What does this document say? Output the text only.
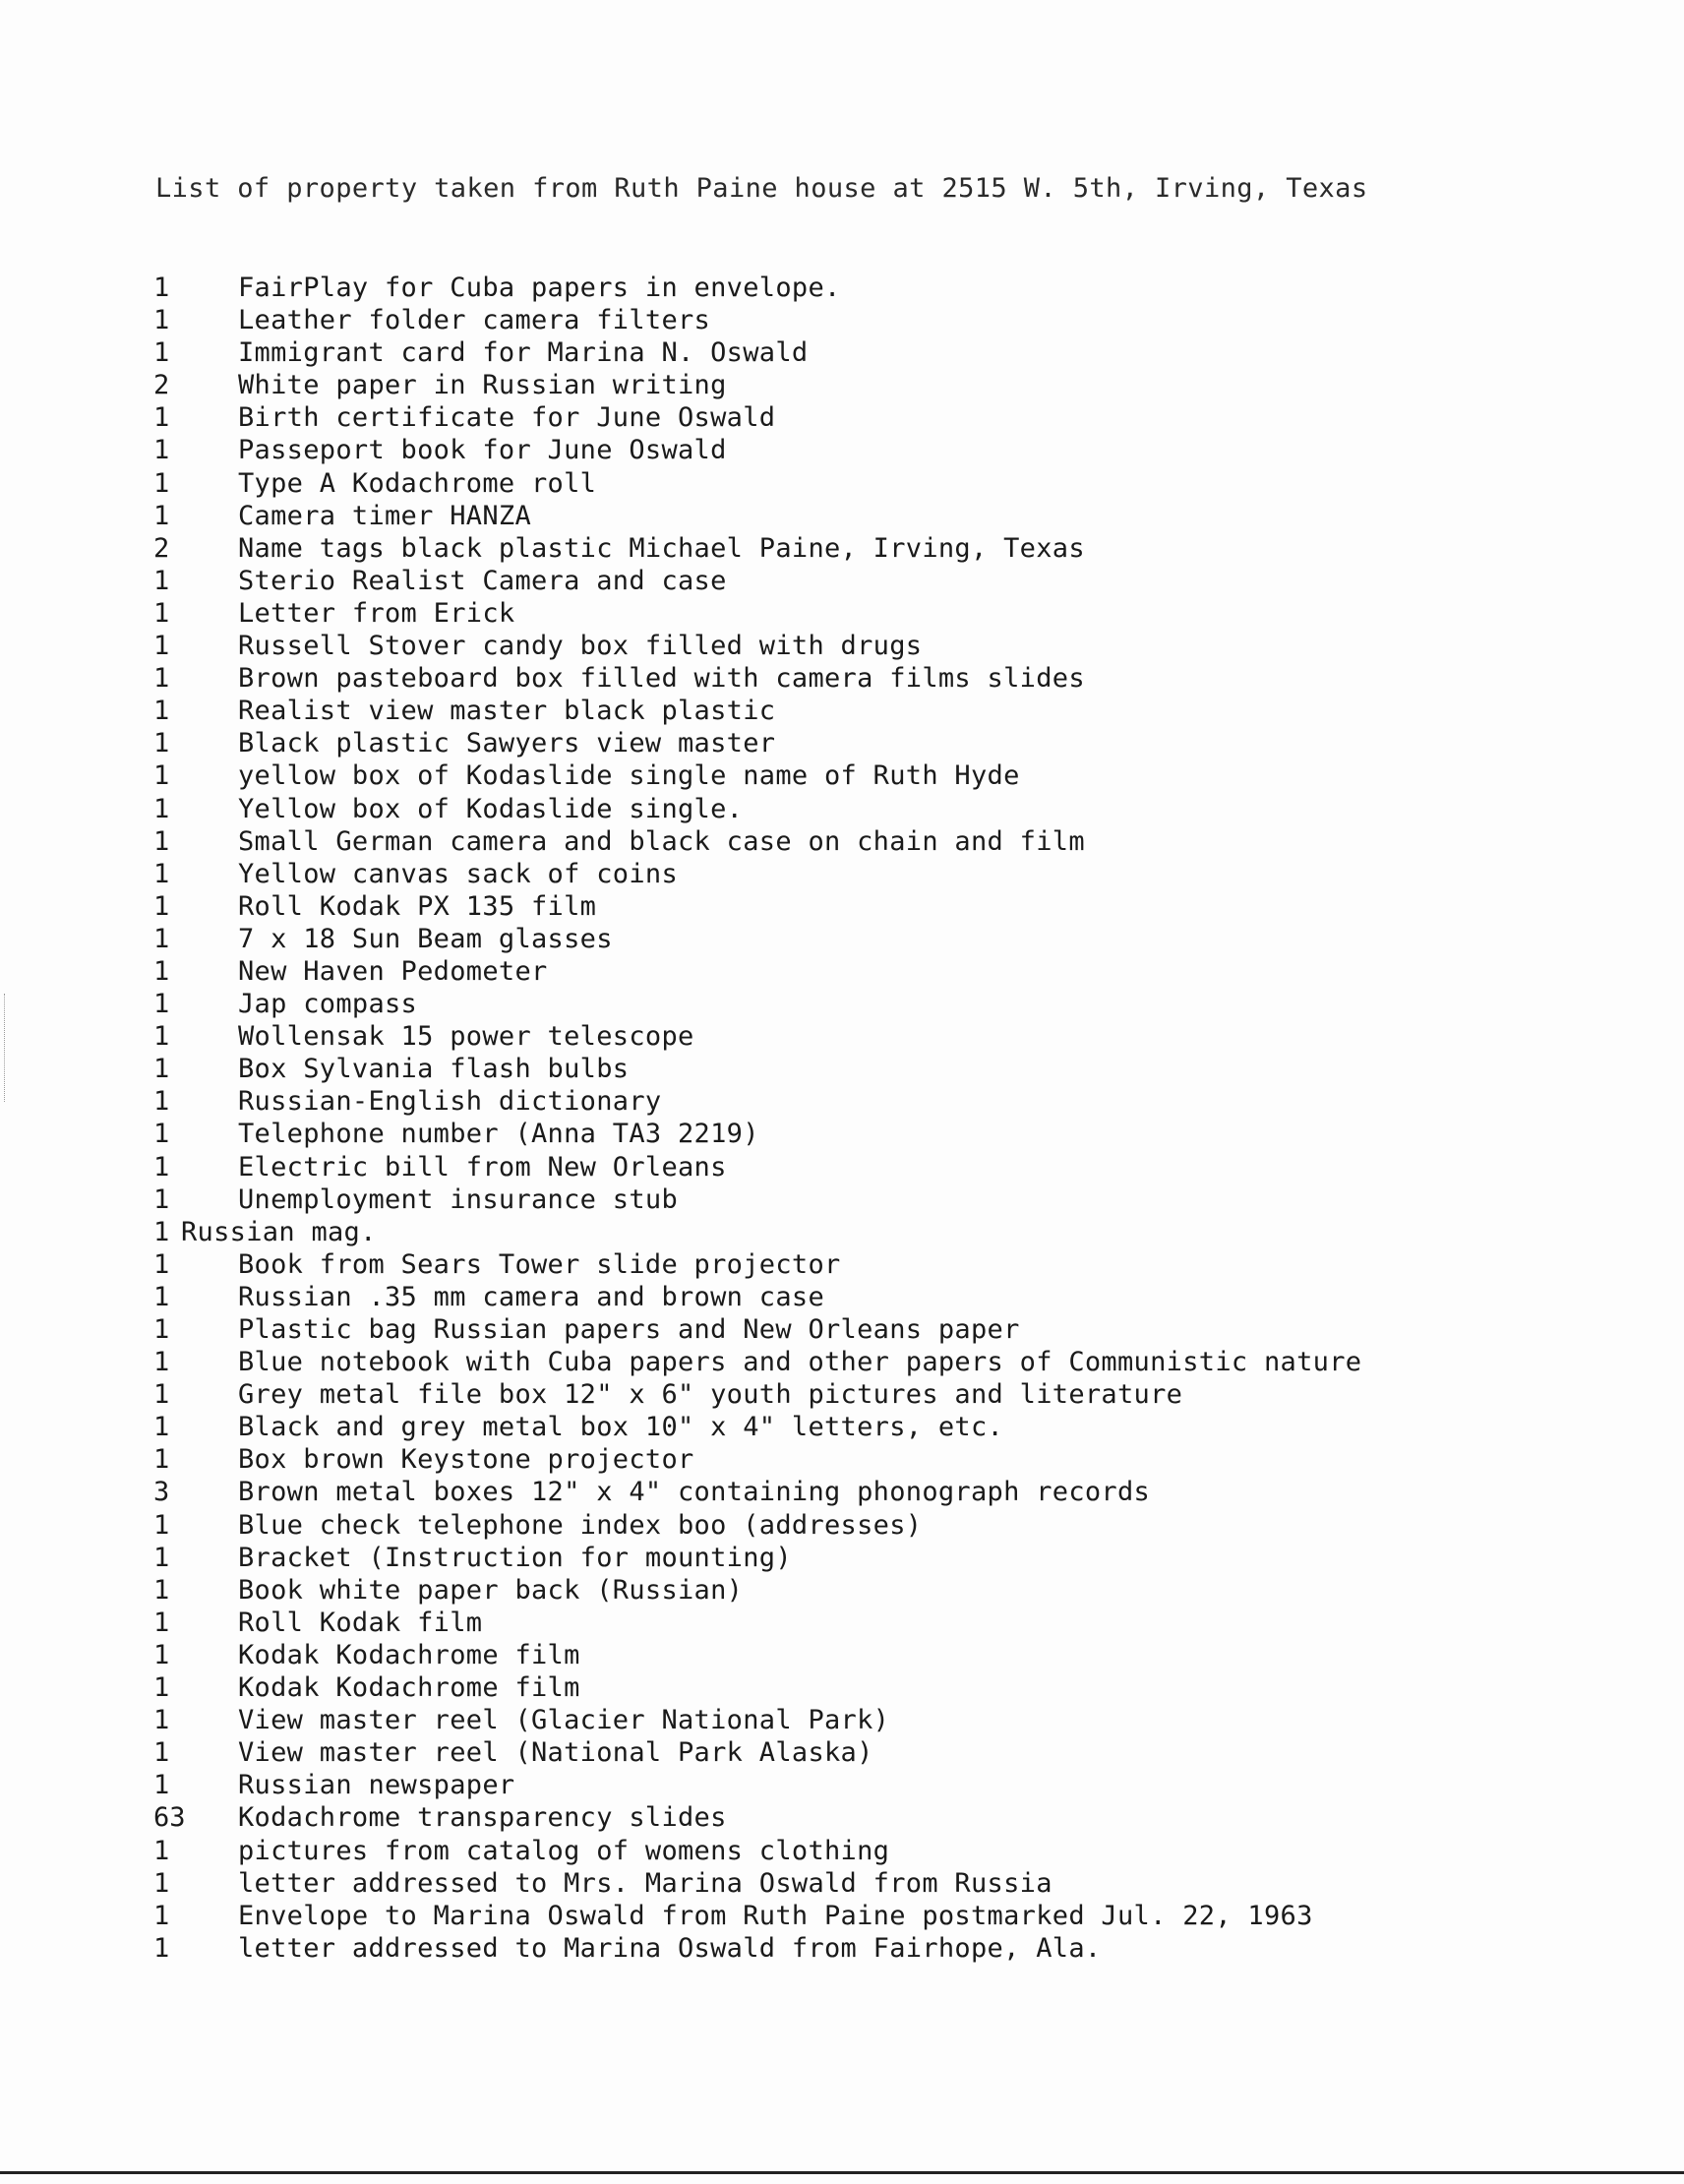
List of property taken from Ruth Paine house at 2515 W. 5th, Irving, Texas
1	FairPlay for Cuba papers in envelope.
1	Leather folder camera filters
1	Immigrant card for Marina N. Oswald
2	White paper in Russian writing
1	Birth certificate for June Oswald
1	Passeport book for June Oswald
1	Type A Kodachrome roll
1	Camera timer HANZA
2	Name tags black plastic Michael Paine, Irving, Texas
1	Sterio Realist Camera and case
1	Letter from Erick
1	Russell Stover candy box filled with drugs
1	Brown pasteboard box filled with camera films slides
1	Realist view master black plastic
1	Black plastic Sawyers view master
1	yellow box of Kodaslide single name of Ruth Hyde
1	Yellow box of Kodaslide single.
1	Small German camera and black case on chain and film
1	Yellow canvas sack of coins
1	Roll Kodak PX 135 film
1	7 x 18 Sun Beam glasses
1	New Haven Pedometer
1	Jap compass
1	Wollensak 15 power telescope
1	Box Sylvania flash bulbs
1	Russian-English dictionary
1	Telephone number (Anna TA3 2219)
1	Electric bill from New Orleans
1	Unemployment insurance stub
1 Russian mag.
1	Book from Sears Tower slide projector
1	Russian .35 mm camera and brown case
1	Plastic bag Russian papers and New Orleans paper
1	Blue notebook with Cuba papers and other papers of Communistic nature
1	Grey metal file box 12" x 6" youth pictures and literature
1	Black and grey metal box 10" x 4" letters, etc.
1	Box brown Keystone projector
3	Brown metal boxes 12" x 4" containing phonograph records
1	Blue check telephone index boo (addresses)
1	Bracket (Instruction for mounting)
1	Book white paper back (Russian)
1	Roll Kodak film
1	Kodak Kodachrome film
1	Kodak Kodachrome film
1	View master reel (Glacier National Park)
1	View master reel (National Park Alaska)
1	Russian newspaper
63	Kodachrome transparency slides
1	pictures from catalog of womens clothing
1	letter addressed to Mrs. Marina Oswald from Russia
1	Envelope to Marina Oswald from Ruth Paine postmarked Jul. 22, 1963
1	letter addressed to Marina Oswald from Fairhope, Ala.
